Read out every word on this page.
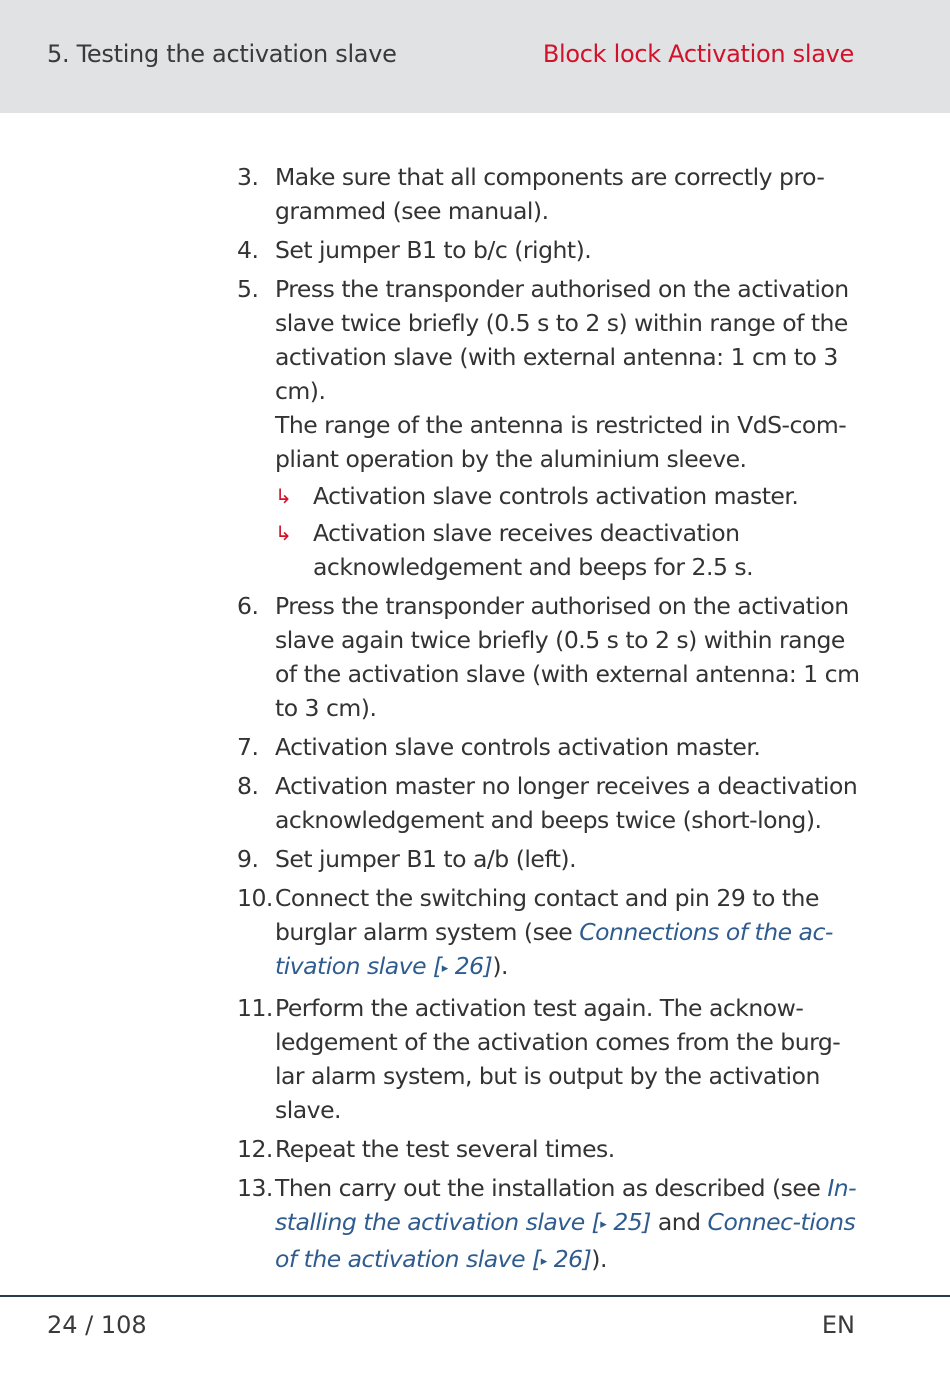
5. Testing the activation slave	Block lock Activation slave
3. Make sure that all components are correctly pro-grammed (see manual).
4. Set jumper B1 to b/c (right).
5. Press the transponder authorised on the activation slave twice briefly (0.5 s to 2 s) within range of the activation slave (with external antenna: 1 cm to 3 cm).
The range of the antenna is restricted in VdS-com-pliant operation by the aluminium sleeve.
↳ Activation slave controls activation master.
↳ Activation slave receives deactivation acknowledgement and beeps for 2.5 s.
6. Press the transponder authorised on the activation slave again twice briefly (0.5 s to 2 s) within range of the activation slave (with external antenna: 1 cm to 3 cm).
7. Activation slave controls activation master.
8. Activation master no longer receives a deactivation acknowledgement and beeps twice (short-long).
9. Set jumper B1 to a/b (left).
10. Connect the switching contact and pin 29 to the burglar alarm system (see Connections of the ac-tivation slave [▸ 26]).
11. Perform the activation test again. The acknow-ledgement of the activation comes from the burg-lar alarm system, but is output by the activation slave.
12. Repeat the test several times.
13. Then carry out the installation as described (see In-stalling the activation slave [▸ 25] and Connec-tions of the activation slave [▸ 26]).
24 / 108	EN
